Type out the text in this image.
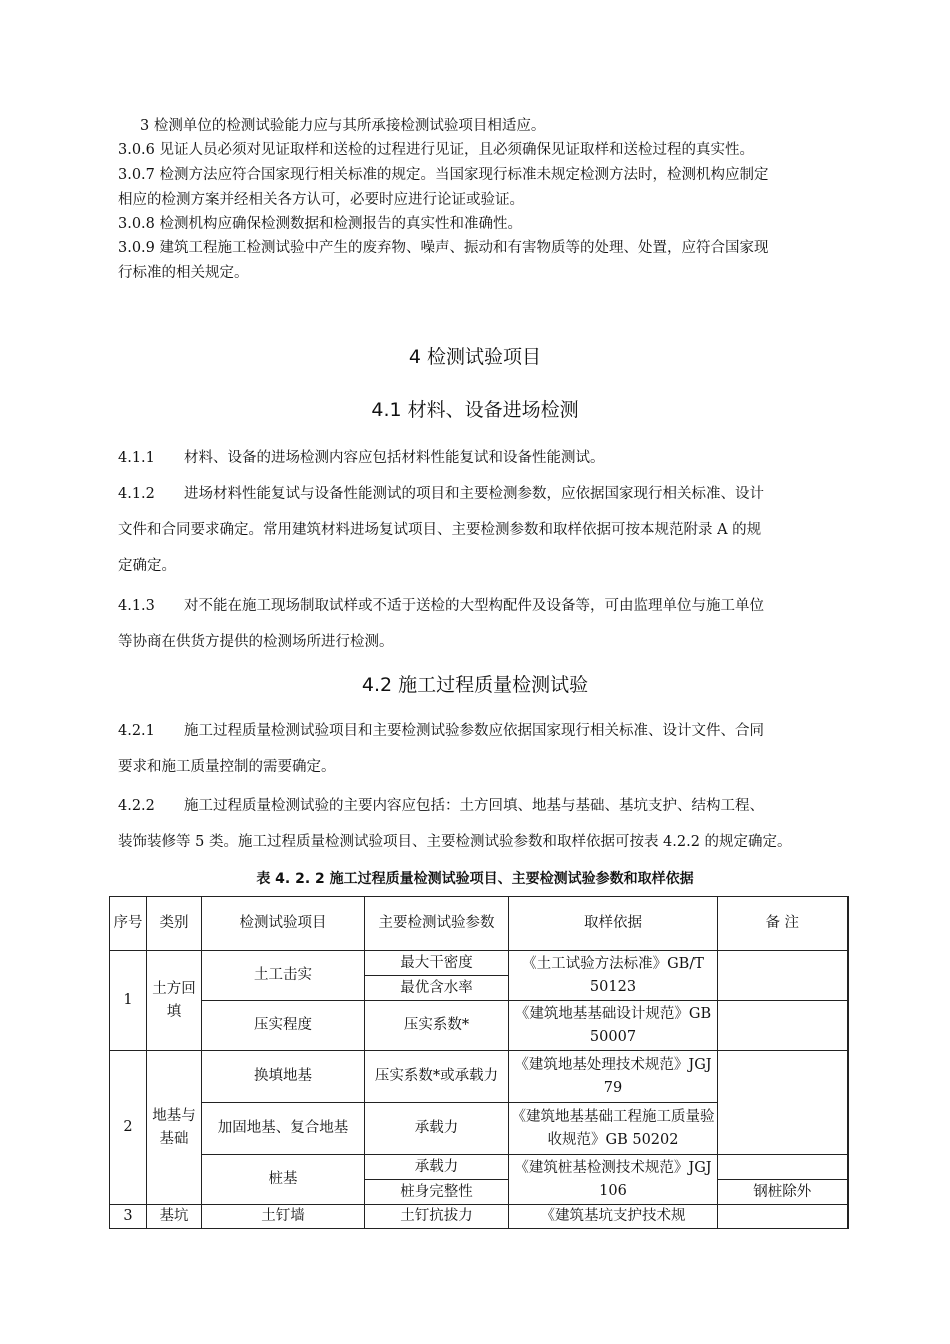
3 检测单位的检测试验能力应与其所承接检测试验项目相适应。
3.0.6 见证人员必须对见证取样和送检的过程进行见证，且必须确保见证取样和送检过程的真实性。
3.0.7 检测方法应符合国家现行相关标准的规定。当国家现行标准未规定检测方法时，检测机构应制定
相应的检测方案并经相关各方认可，必要时应进行论证或验证。
3.0.8 检测机构应确保检测数据和检测报告的真实性和准确性。
3.0.9 建筑工程施工检测试验中产生的废弃物、噪声、振动和有害物质等的处理、处置，应符合国家现
行标准的相关规定。
4 检测试验项目
4.1 材料、设备进场检测
4.1.1 材料、设备的进场检测内容应包括材料性能复试和设备性能测试。
4.1.2 进场材料性能复试与设备性能测试的项目和主要检测参数，应依据国家现行相关标准、设计
文件和合同要求确定。常用建筑材料进场复试项目、主要检测参数和取样依据可按本规范附录 A 的规
定确定。
4.1.3 对不能在施工现场制取试样或不适于送检的大型构配件及设备等，可由监理单位与施工单位
等协商在供货方提供的检测场所进行检测。
4.2 施工过程质量检测试验
4.2.1 施工过程质量检测试验项目和主要检测试验参数应依据国家现行相关标准、设计文件、合同
要求和施工质量控制的需要确定。
4.2.2 施工过程质量检测试验的主要内容应包括：土方回填、地基与基础、基坑支护、结构工程、
装饰装修等 5 类。施工过程质量检测试验项目、主要检测试验参数和取样依据可按表 4.2.2 的规定确定。
表 4. 2. 2 施工过程质量检测试验项目、主要检测试验参数和取样依据
序号	类别	检测试验项目	主要检测试验参数	取样依据	备 注
1	土方回填	土工击实	最大干密度	《土工试验方法标准》GB/T 50123	
			最优含水率		
		压实程度	压实系数*	《建筑地基基础设计规范》GB 50007	
2	地基与基础	换填地基	压实系数*或承载力	《建筑地基处理技术规范》JGJ 79	
		加固地基、复合地基	承载力	《建筑地基基础工程施工质量验收规范》GB 50202	
		桩基	承载力	《建筑桩基检测技术规范》JGJ 106	
			桩身完整性		钢桩除外
3	基坑	土钉墙	土钉抗拔力	《建筑基坑支护技术规	
